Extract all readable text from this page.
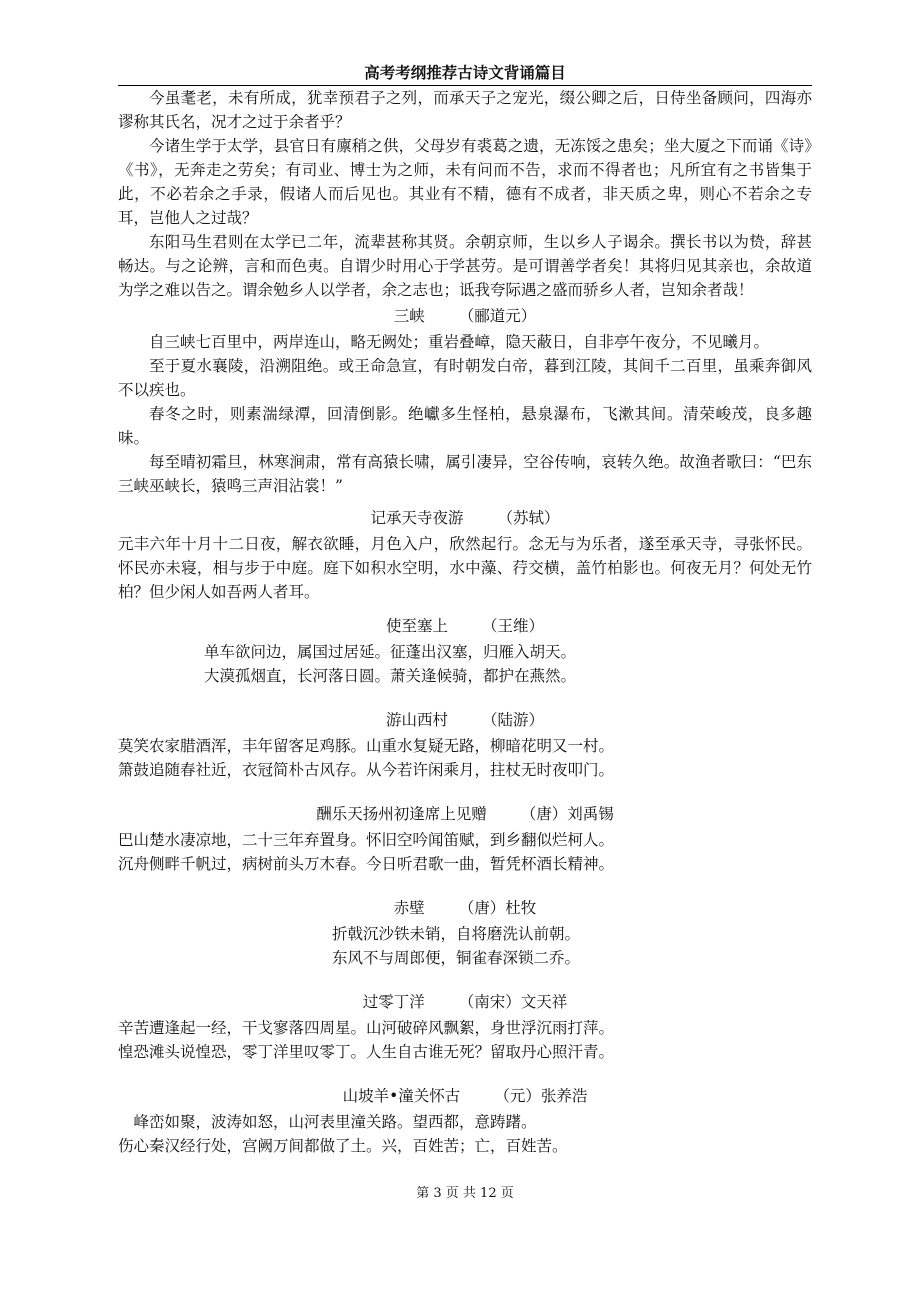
高考考纲推荐古诗文背诵篇目

今虽耄老，未有所成，犹幸预君子之列，而承天子之宠光，缀公卿之后，日侍坐备顾问，四海亦谬称其氏名，况才之过于余者乎？

今诸生学于太学，县官日有廪稍之供，父母岁有裘葛之遗，无冻馁之患矣；坐大厦之下而诵《诗》《书》，无奔走之劳矣；有司业、博士为之师，未有问而不告，求而不得者也；凡所宜有之书皆集于此，不必若余之手录，假诸人而后见也。其业有不精，德有不成者，非天质之卑，则心不若余之专耳，岂他人之过哉？

东阳马生君则在太学已二年，流辈甚称其贤。余朝京师，生以乡人子谒余。撰长书以为贽，辞甚畅达。与之论辨，言和而色夷。自谓少时用心于学甚劳。是可谓善学者矣！其将归见其亲也，余故道为学之难以告之。谓余勉乡人以学者，余之志也；诋我夸际遇之盛而骄乡人者，岂知余者哉！

三峡 （郦道元）

自三峡七百里中，两岸连山，略无阙处；重岩叠嶂，隐天蔽日，自非亭午夜分，不见曦月。

至于夏水襄陵，沿溯阻绝。或王命急宣，有时朝发白帝，暮到江陵，其间千二百里，虽乘奔御风不以疾也。

春冬之时，则素湍绿潭，回清倒影。绝巘多生怪柏，悬泉瀑布，飞漱其间。清荣峻茂，良多趣味。

每至晴初霜旦，林寒涧肃，常有高猿长啸，属引凄异，空谷传响，哀转久绝。故渔者歌曰：“巴东三峡巫峡长，猿鸣三声泪沾裳！”

记承天寺夜游 （苏轼）

元丰六年十月十二日夜，解衣欲睡，月色入户，欣然起行。念无与为乐者，遂至承天寺，寻张怀民。怀民亦未寝，相与步于中庭。庭下如积水空明，水中藻、荇交横，盖竹柏影也。何夜无月？何处无竹柏？但少闲人如吾两人者耳。

使至塞上 （王维）

单车欲问边，属国过居延。征蓬出汉塞，归雁入胡天。

大漠孤烟直，长河落日圆。萧关逢候骑，都护在燕然。

游山西村 （陆游）

莫笑农家腊酒浑，丰年留客足鸡豚。山重水复疑无路，柳暗花明又一村。

箫鼓追随春社近，衣冠简朴古风存。从今若许闲乘月，拄杖无时夜叩门。

酬乐天扬州初逢席上见赠 （唐）刘禹锡

巴山楚水凄凉地，二十三年弃置身。怀旧空吟闻笛赋，到乡翻似烂柯人。

沉舟侧畔千帆过，病树前头万木春。今日听君歌一曲，暂凭杯酒长精神。

赤壁 （唐）杜牧

折戟沉沙铁未销，自将磨洗认前朝。

东风不与周郎便，铜雀春深锁二乔。

过零丁洋 （南宋）文天祥

辛苦遭逢起一经，干戈寥落四周星。山河破碎风飘絮，身世浮沉雨打萍。

惶恐滩头说惶恐，零丁洋里叹零丁。人生自古谁无死？留取丹心照汗青。

山坡羊•潼关怀古 （元）张养浩

峰峦如聚，波涛如怒，山河表里潼关路。望西都，意踌躇。

伤心秦汉经行处，宫阙万间都做了土。兴，百姓苦；亡，百姓苦。

第 3 页 共 12 页
